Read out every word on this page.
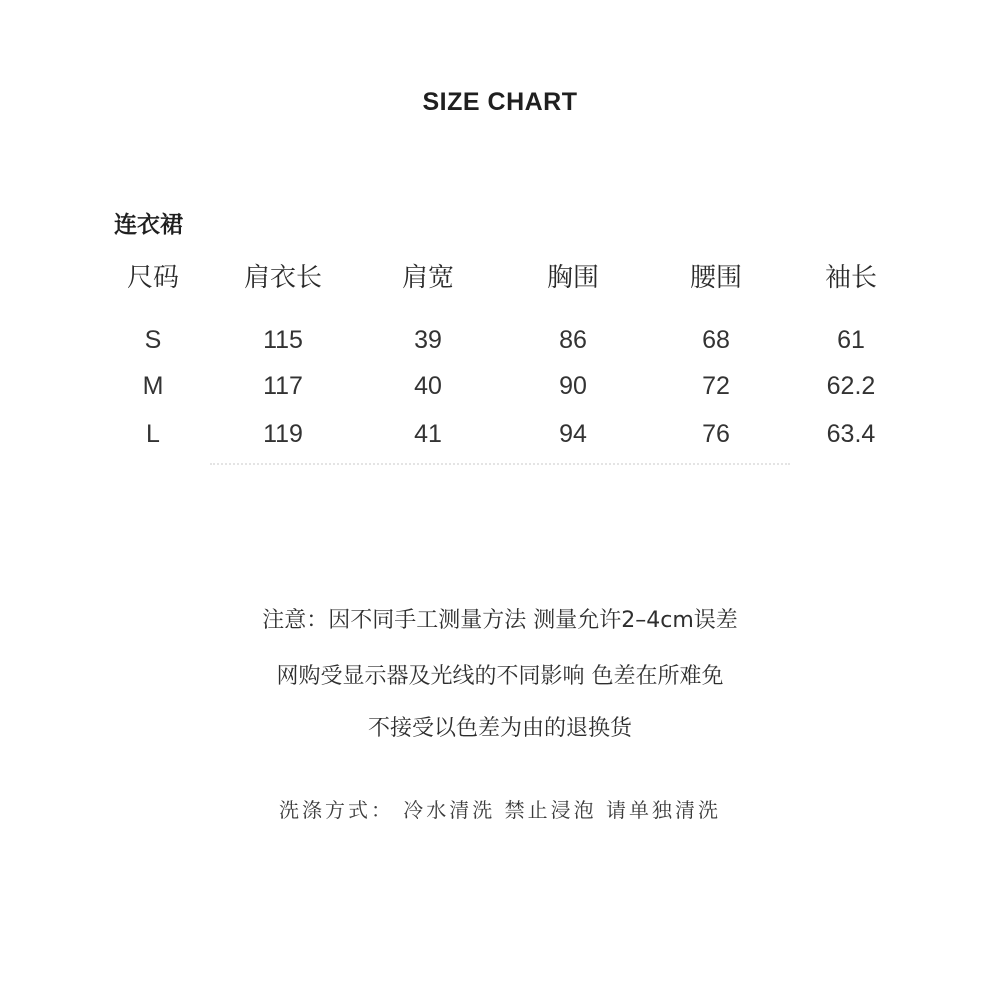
SIZE CHART
连衣裙
尺码	肩衣长	肩宽	胸围	腰围	袖长
S	115	39	86	68	61
M	117	40	90	72	62.2
L	119	41	94	76	63.4
注意：因不同手工测量方法 测量允许2–4cm误差
网购受显示器及光线的不同影响 色差在所难免
不接受以色差为由的退换货
洗涤方式： 冷水清洗 禁止浸泡 请单独清洗
